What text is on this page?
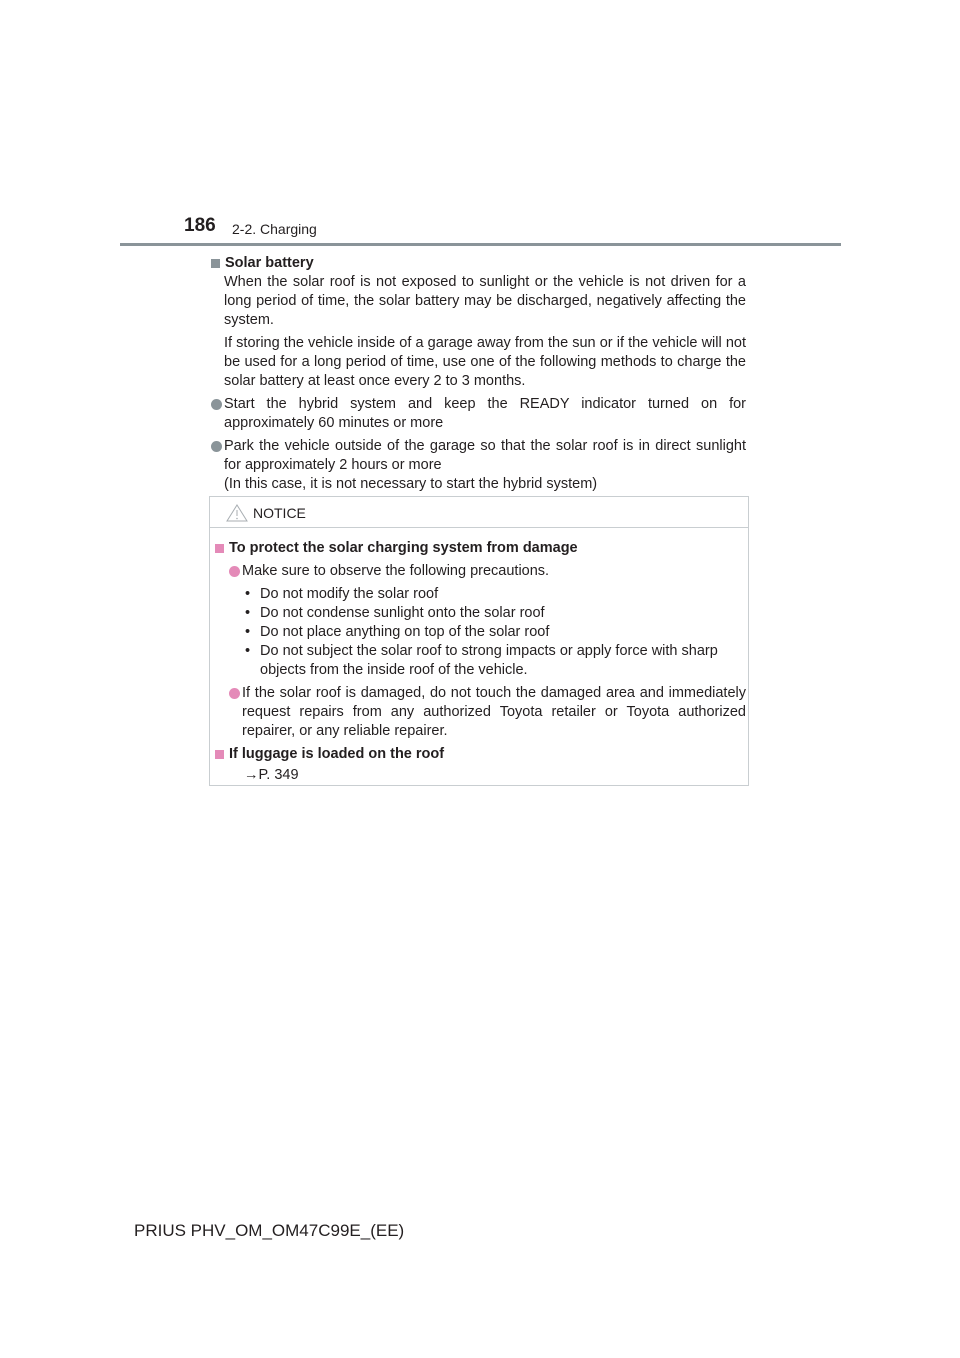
186 2-2. Charging
Solar battery
When the solar roof is not exposed to sunlight or the vehicle is not driven for a long period of time, the solar battery may be discharged, negatively affecting the system.
If storing the vehicle inside of a garage away from the sun or if the vehicle will not be used for a long period of time, use one of the following methods to charge the solar battery at least once every 2 to 3 months.
Start the hybrid system and keep the READY indicator turned on for approximately 60 minutes or more
Park the vehicle outside of the garage so that the solar roof is in direct sunlight for approximately 2 hours or more
(In this case, it is not necessary to start the hybrid system)
NOTICE
To protect the solar charging system from damage
Make sure to observe the following precautions.
• Do not modify the solar roof
• Do not condense sunlight onto the solar roof
• Do not place anything on top of the solar roof
• Do not subject the solar roof to strong impacts or apply force with sharp objects from the inside roof of the vehicle.
If the solar roof is damaged, do not touch the damaged area and immediately request repairs from any authorized Toyota retailer or Toyota authorized repairer, or any reliable repairer.
If luggage is loaded on the roof
→P. 349
PRIUS PHV_OM_OM47C99E_(EE)
